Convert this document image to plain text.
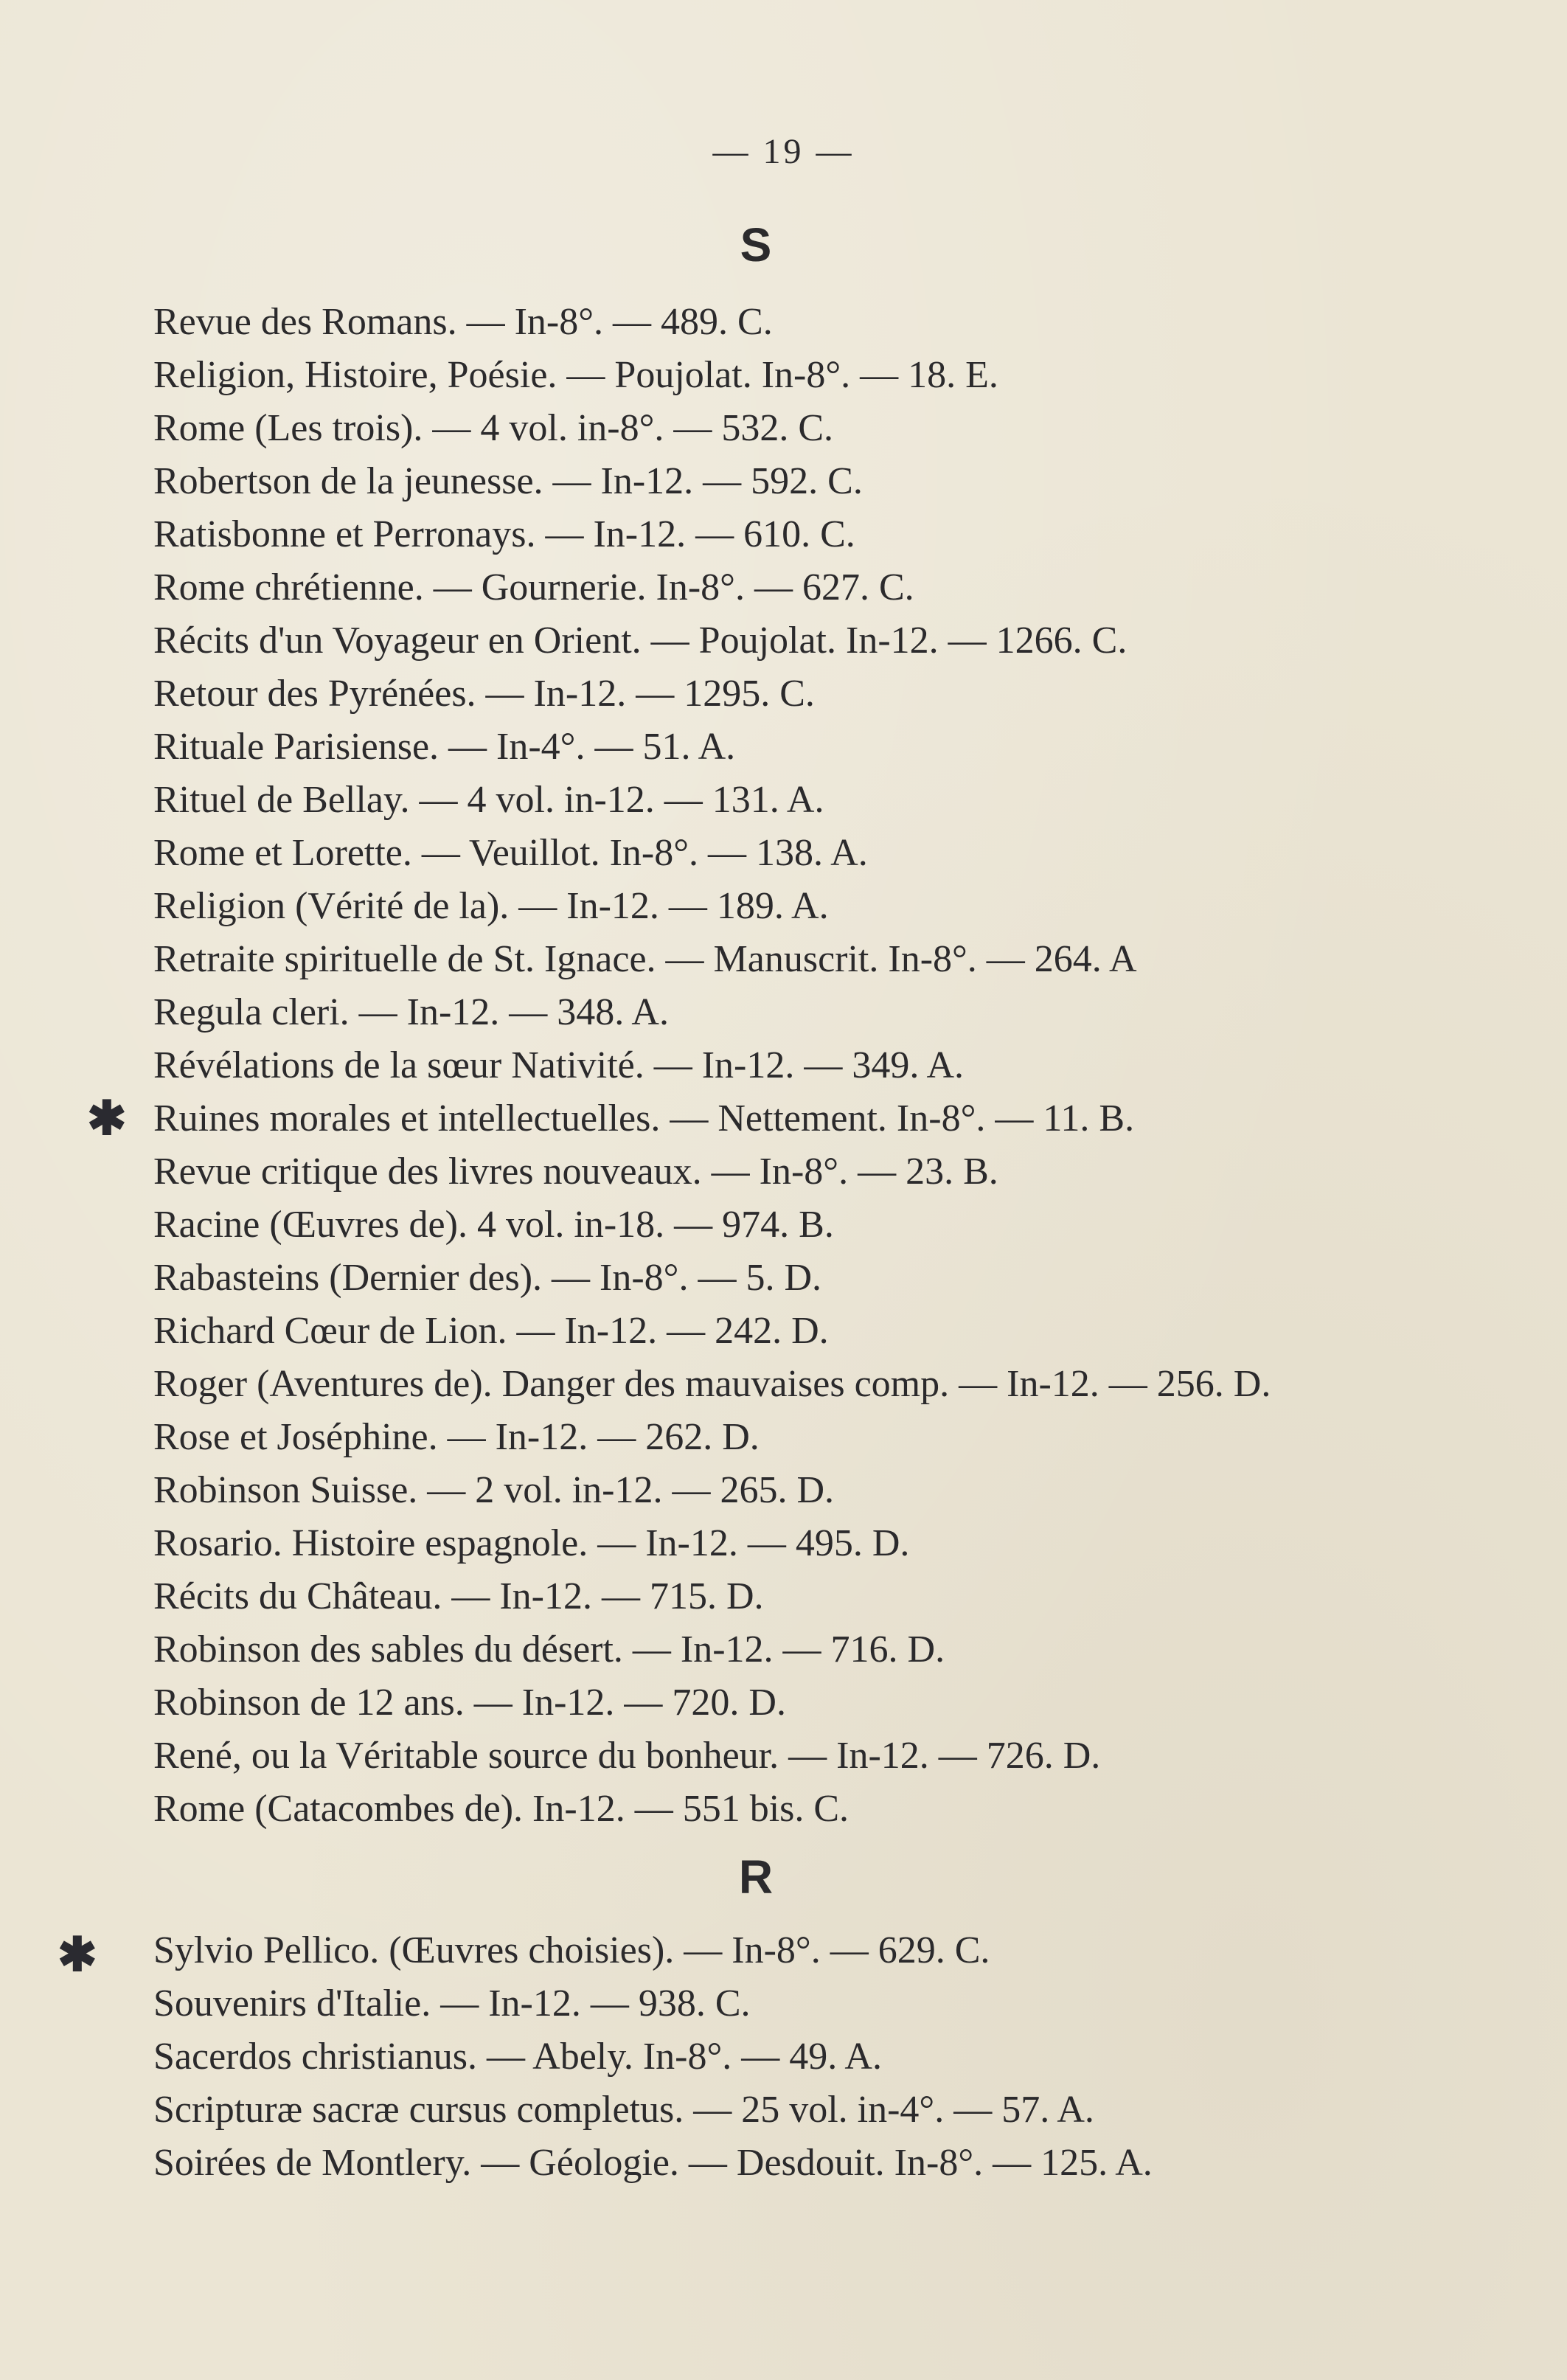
— 19 —
S
Revue des Romans. — In-8°. — 489. C.
Religion, Histoire, Poésie. — Poujolat. In-8°. — 18. E.
Rome (Les trois). — 4 vol. in-8°. — 532. C.
Robertson de la jeunesse. — In-12. — 592. C.
Ratisbonne et Perronays. — In-12. — 610. C.
Rome chrétienne. — Gournerie. In-8°. — 627. C.
Récits d'un Voyageur en Orient. — Poujolat. In-12. — 1266. C.
Retour des Pyrénées. — In-12. — 1295. C.
Rituale Parisiense. — In-4°. — 51. A.
Rituel de Bellay. — 4 vol. in-12. — 131. A.
Rome et Lorette. — Veuillot. In-8°. — 138. A.
Religion (Vérité de la). — In-12. — 189. A.
Retraite spirituelle de St. Ignace. — Manuscrit. In-8°. — 264. A
Regula cleri. — In-12. — 348. A.
Révélations de la sœur Nativité. — In-12. — 349. A.
✱ Ruines morales et intellectuelles. — Nettement. In-8°. — 11. B.
Revue critique des livres nouveaux. — In-8°. — 23. B.
Racine (Œuvres de). 4 vol. in-18. — 974. B.
Rabasteins (Dernier des). — In-8°. — 5. D.
Richard Cœur de Lion. — In-12. — 242. D.
Roger (Aventures de). Danger des mauvaises comp. — In-12. — 256. D.
Rose et Joséphine. — In-12. — 262. D.
Robinson Suisse. — 2 vol. in-12. — 265. D.
Rosario. Histoire espagnole. — In-12. — 495. D.
Récits du Château. — In-12. — 715. D.
Robinson des sables du désert. — In-12. — 716. D.
Robinson de 12 ans. — In-12. — 720. D.
René, ou la Véritable source du bonheur. — In-12. — 726. D.
Rome (Catacombes de). In-12. — 551 bis. C.
R
✱ Sylvio Pellico. (Œuvres choisies). — In-8°. — 629. C.
Souvenirs d'Italie. — In-12. — 938. C.
Sacerdos christianus. — Abely. In-8°. — 49. A.
Scripturæ sacræ cursus completus. — 25 vol. in-4°. — 57. A.
Soirées de Montlery. — Géologie. — Desdouit. In-8°. — 125. A.
